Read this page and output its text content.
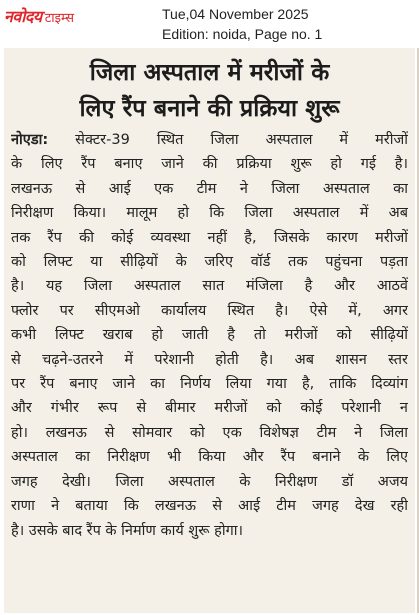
नवोदय टाइम्स	Tue,04 November 2025
Edition: noida, Page no. 1
जिला अस्पताल में मरीजों के
लिए रैंप बनाने की प्रक्रिया शुरू
नोएडा: सेक्टर-39 स्थित जिला अस्पताल में मरीजों
के लिए रैंप बनाए जाने की प्रक्रिया शुरू हो गई है।
लखनऊ से आई एक टीम ने जिला अस्पताल का
निरीक्षण किया। मालूम हो कि जिला अस्पताल में अब
तक रैंप की कोई व्यवस्था नहीं है, जिसके कारण मरीजों
को लिफ्ट या सीढ़ियों के जरिए वॉर्ड तक पहुंचना पड़ता
है। यह जिला अस्पताल सात मंजिला है और आठवें
फ्लोर पर सीएमओ कार्यालय स्थित है। ऐसे में, अगर
कभी लिफ्ट खराब हो जाती है तो मरीजों को सीढ़ियों
से चढ़ने-उतरने में परेशानी होती है। अब शासन स्तर
पर रैंप बनाए जाने का निर्णय लिया गया है, ताकि दिव्यांग
और गंभीर रूप से बीमार मरीजों को कोई परेशानी न
हो। लखनऊ से सोमवार को एक विशेषज्ञ टीम ने जिला
अस्पताल का निरीक्षण भी किया और रैंप बनाने के लिए
जगह देखी। जिला अस्पताल के निरीक्षण डॉ अजय
राणा ने बताया कि लखनऊ से आई टीम जगह देख रही
है। उसके बाद रैंप के निर्माण कार्य शुरू होगा।
